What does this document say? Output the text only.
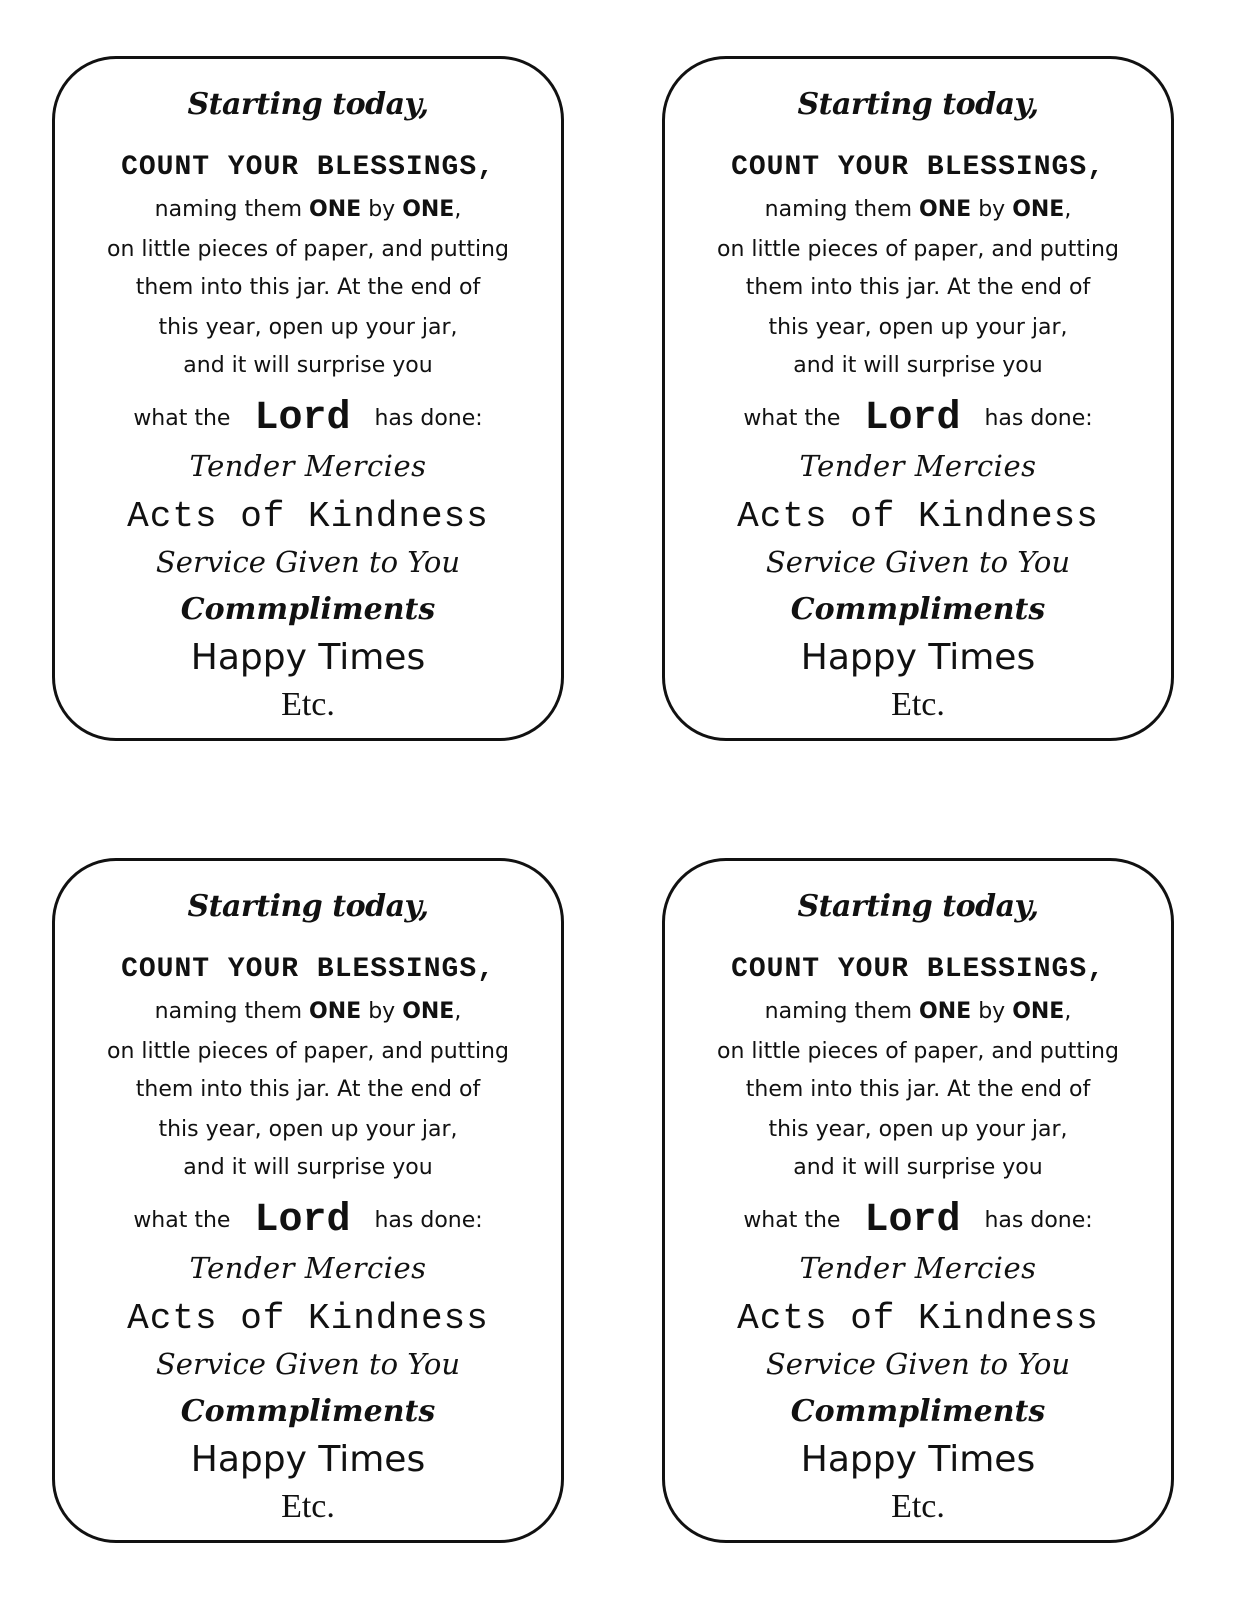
Starting today,
COUNT YOUR BLESSINGS,
naming them ONE by ONE,
on little pieces of paper, and putting
them into this jar. At the end of
this year, open up your jar,
and it will surprise you
what the Lord has done:
Tender Mercies
Acts of Kindness
Service Given to You
Commpliments
Happy Times
Etc.
Starting today,
COUNT YOUR BLESSINGS,
naming them ONE by ONE,
on little pieces of paper, and putting
them into this jar. At the end of
this year, open up your jar,
and it will surprise you
what the Lord has done:
Tender Mercies
Acts of Kindness
Service Given to You
Commpliments
Happy Times
Etc.
Starting today,
COUNT YOUR BLESSINGS,
naming them ONE by ONE,
on little pieces of paper, and putting
them into this jar. At the end of
this year, open up your jar,
and it will surprise you
what the Lord has done:
Tender Mercies
Acts of Kindness
Service Given to You
Commpliments
Happy Times
Etc.
Starting today,
COUNT YOUR BLESSINGS,
naming them ONE by ONE,
on little pieces of paper, and putting
them into this jar. At the end of
this year, open up your jar,
and it will surprise you
what the Lord has done:
Tender Mercies
Acts of Kindness
Service Given to You
Commpliments
Happy Times
Etc.
